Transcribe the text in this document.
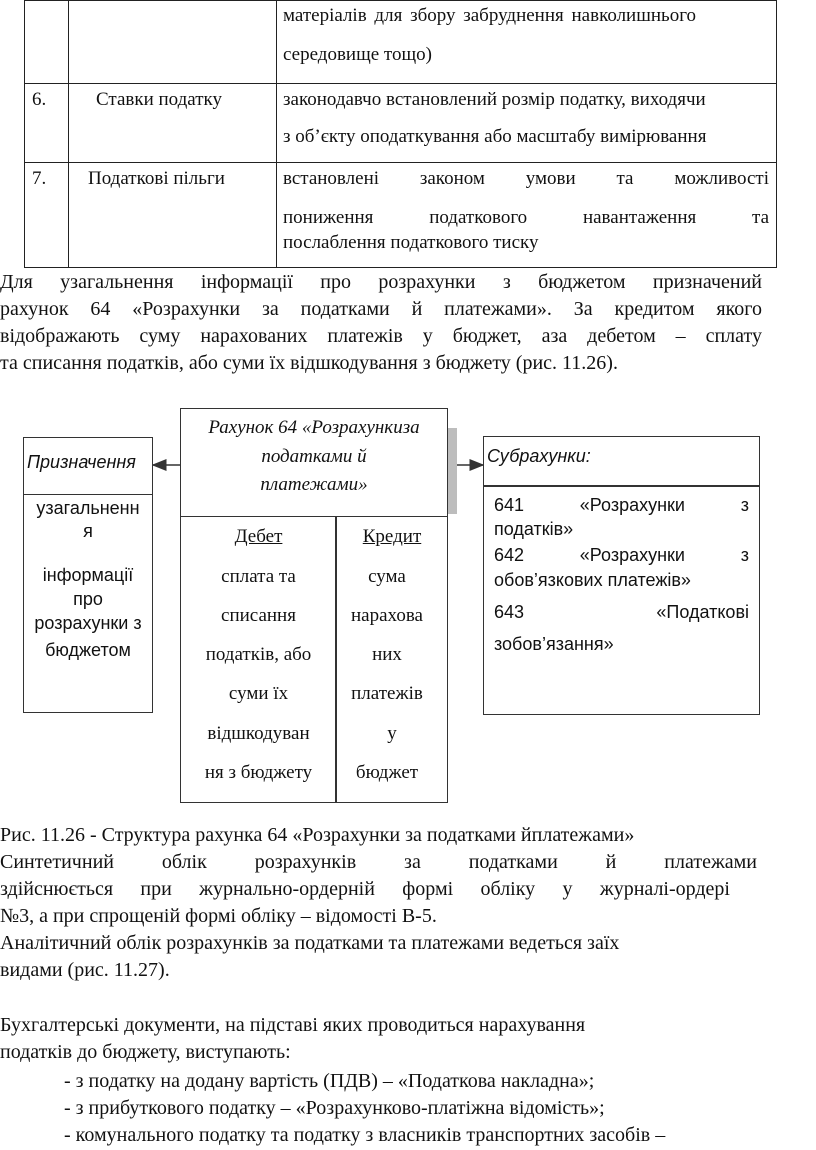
матеріалів для збору забруднення навколишнього
середовище тощо)
6.	Ставки податку	законодавчо встановлений розмір податку, виходячи
з об’єкту оподаткування або масштабу вимірювання
7. Податкові пільги	встановлені законом умови та можливості
пониження податкового навантаження та
послаблення податкового тиску
Для узагальнення інформації про розрахунки з бюджетом призначений
рахунок 64 «Розрахунки за податками й платежами». За кредитом якого
відображають суму нарахованих платежів у бюджет, аза дебетом – сплату
та списання податків, або суми їх відшкодування з бюджету (рис. 11.26).
Рахунок 64 «Розрахункиза
податками й
платежами»
Дебет
сплата та
списання
податків, або
суми їх
відшкодуван
ня з бюджету
Кредит
сума
нарахова
них
платежів
у
бюджет
Призначення
узагальненн
я
інформації
про
розрахунки з
бюджетом
Субрахунки:
641 «Розрахунки з
податків»
642 «Розрахунки з
обов’язкових платежів»
643 «Податкові
зобов’язання»
Рис. 11.26 - Структура рахунка 64 «Розрахунки за податками йплатежами»
Синтетичний облік розрахунків за податками й платежами
здійснюється при журнально-ордерній формі обліку у журналі-ордері
№3, а при спрощеній формі обліку – відомості В-5.
Аналітичний облік розрахунків за податками та платежами ведеться заїх
видами (рис. 11.27).
Бухгалтерські документи, на підставі яких проводиться нарахування
податків до бюджету, виступають:
- з податку на додану вартість (ПДВ) – «Податкова накладна»;
- з прибуткового податку – «Розрахунково-платіжна відомість»;
- комунального податку та податку з власників транспортних засобів –
